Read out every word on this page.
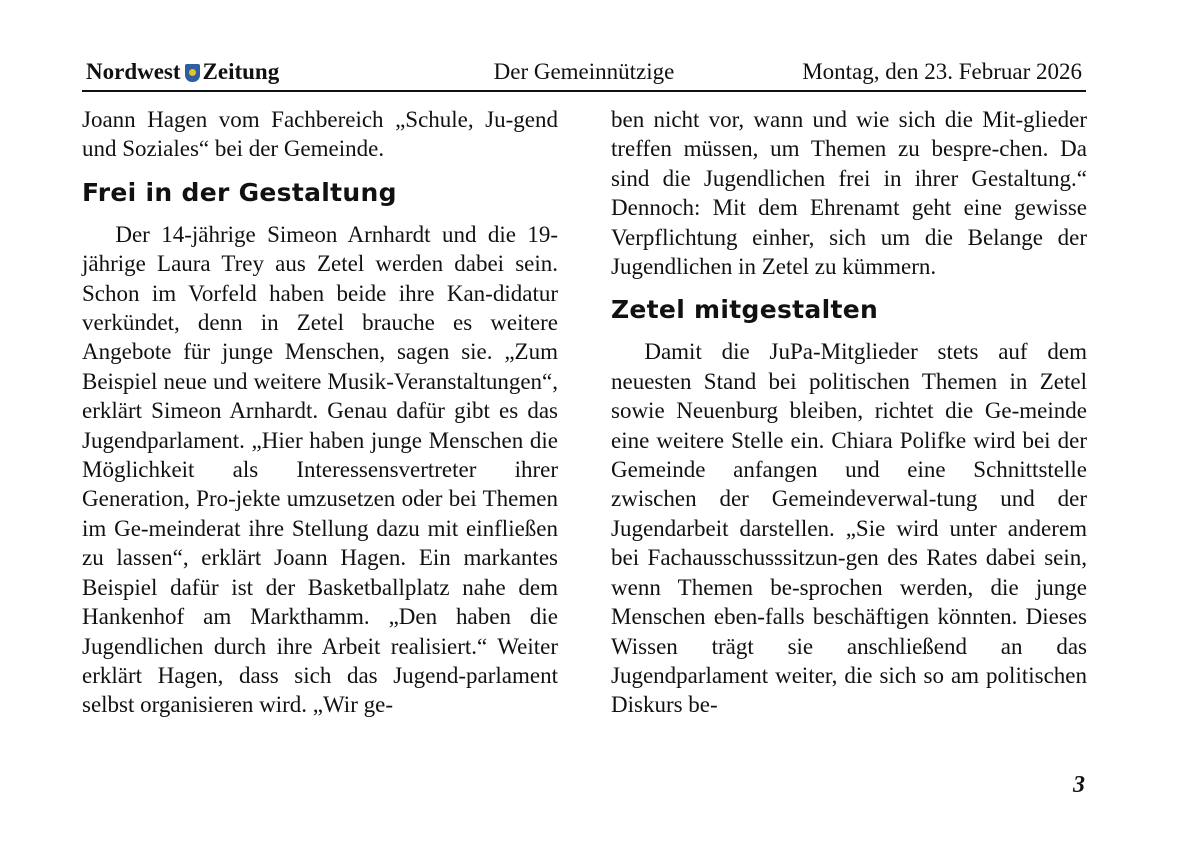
Nordwest Zeitung	Der Gemeinnützige	Montag, den 23. Februar 2026

Joann Hagen vom Fachbereich „Schule, Ju-​gend und Soziales“ bei der Gemeinde.

Frei in der Gestaltung

Der 14-jährige Simeon Arnhardt und die 19-jährige Laura Trey aus Zetel werden dabei sein. Schon im Vorfeld haben beide ihre Kan-​didatur verkündet, denn in Zetel brauche es weitere Angebote für junge Menschen, sagen sie. „Zum Beispiel neue und weitere Musik-​Veranstaltungen“, erklärt Simeon Arnhardt. Genau dafür gibt es das Jugendparlament. „Hier haben junge Menschen die Möglichkeit als Interessensvertreter ihrer Generation, Pro-​jekte umzusetzen oder bei Themen im Ge-​meinderat ihre Stellung dazu mit einfließen zu lassen“, erklärt Joann Hagen. Ein markantes Beispiel dafür ist der Basketballplatz nahe dem Hankenhof am Markthamm. „Den haben die Jugendlichen durch ihre Arbeit realisiert.“ Weiter erklärt Hagen, dass sich das Jugend-​parlament selbst organisieren wird. „Wir ge-

ben nicht vor, wann und wie sich die Mit-​glieder treffen müssen, um Themen zu bespre-​chen. Da sind die Jugendlichen frei in ihrer Gestaltung.“ Dennoch: Mit dem Ehrenamt geht eine gewisse Verpflichtung einher, sich um die Belange der Jugendlichen in Zetel zu kümmern.

Zetel mitgestalten

Damit die JuPa-Mitglieder stets auf dem neuesten Stand bei politischen Themen in Zetel sowie Neuenburg bleiben, richtet die Ge-​meinde eine weitere Stelle ein. Chiara Polifke wird bei der Gemeinde anfangen und eine Schnittstelle zwischen der Gemeindeverwal-​tung und der Jugendarbeit darstellen. „Sie wird unter anderem bei Fachausschusssitzun-​gen des Rates dabei sein, wenn Themen be-​sprochen werden, die junge Menschen eben-​falls beschäftigen könnten. Dieses Wissen trägt sie anschließend an das Jugendparlament weiter, die sich so am politischen Diskurs be-

3
